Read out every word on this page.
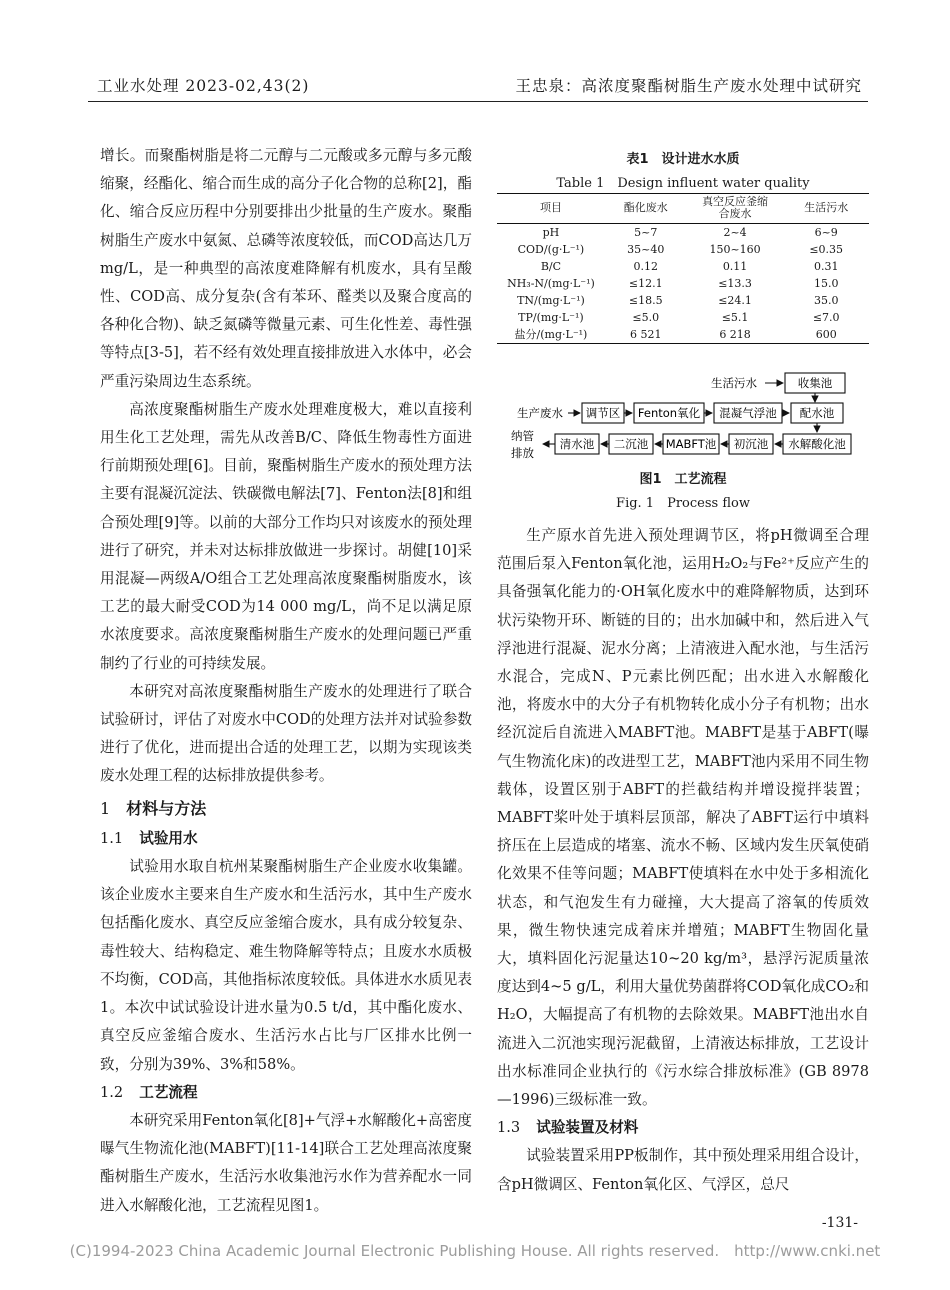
工业水处理 2023-02,43(2)	王忠泉：高浓度聚酯树脂生产废水处理中试研究

增长。而聚酯树脂是将二元醇与二元酸或多元醇与多元酸缩聚，经酯化、缩合而生成的高分子化合物的总称[2]，酯化、缩合反应历程中分别要排出少批量的生产废水。聚酯树脂生产废水中氨氮、总磷等浓度较低，而COD高达几万 mg/L，是一种典型的高浓度难降解有机废水，具有呈酸性、COD高、成分复杂(含有苯环、醛类以及聚合度高的各种化合物)、缺乏氮磷等微量元素、可生化性差、毒性强等特点[3-5]，若不经有效处理直接排放进入水体中，必会严重污染周边生态系统。

高浓度聚酯树脂生产废水处理难度极大，难以直接利用生化工艺处理，需先从改善B/C、降低生物毒性方面进行前期预处理[6]。目前，聚酯树脂生产废水的预处理方法主要有混凝沉淀法、铁碳微电解法[7]、Fenton法[8]和组合预处理[9]等。以前的大部分工作均只对该废水的预处理进行了研究，并未对达标排放做进一步探讨。胡健[10]采用混凝—两级A/O组合工艺处理高浓度聚酯树脂废水，该工艺的最大耐受COD为14 000 mg/L，尚不足以满足原水浓度要求。高浓度聚酯树脂生产废水的处理问题已严重制约了行业的可持续发展。

本研究对高浓度聚酯树脂生产废水的处理进行了联合试验研讨，评估了对废水中COD的处理方法并对试验参数进行了优化，进而提出合适的处理工艺，以期为实现该类废水处理工程的达标排放提供参考。

1 材料与方法
1.1 试验用水

试验用水取自杭州某聚酯树脂生产企业废水收集罐。该企业废水主要来自生产废水和生活污水，其中生产废水包括酯化废水、真空反应釜缩合废水，具有成分较复杂、毒性较大、结构稳定、难生物降解等特点；且废水水质极不均衡，COD高，其他指标浓度较低。具体进水水质见表1。本次中试试验设计进水量为0.5 t/d，其中酯化废水、真空反应釜缩合废水、生活污水占比与厂区排水比例一致，分别为39%、3%和58%。

1.2 工艺流程

本研究采用Fenton氧化[8]+气浮+水解酸化+高密度曝气生物流化池(MABFT)[11-14]联合工艺处理高浓度聚酯树脂生产废水，生活污水收集池污水作为营养配水一同进入水解酸化池，工艺流程见图1。

表1　 设计进水水质
Table 1　Design influent water quality
项目	酯化废水	真空反应釜缩合废水	生活污水
pH	5~7	2~4	6~9
COD/(g·L⁻¹)	35~40	150~160	≤0.35
B/C	0.12	0.11	0.31
NH₃-N/(mg·L⁻¹)	≤12.1	≤13.3	15.0
TN/(mg·L⁻¹)	≤18.5	≤24.1	35.0
TP/(mg·L⁻¹)	≤5.0	≤5.1	≤7.0
盐分/(mg·L⁻¹)	6 521	6 218	600
生活污水	收集池
生产废水 调节区 Fenton氧化 混凝气浮池 配水池
水解酸化池
初沉池
MABFT池
二沉池
清水池
纳管
排放
图1　 工艺流程
Fig. 1　Process flow

生产原水首先进入预处理调节区，将pH微调至合理范围后泵入Fenton氧化池，运用H₂O₂与Fe²⁺反应产生的具备强氧化能力的·OH氧化废水中的难降解物质，达到环状污染物开环、断链的目的；出水加碱中和，然后进入气浮池进行混凝、泥水分离；上清液进入配水池，与生活污水混合，完成N、P元素比例匹配；出水进入水解酸化池，将废水中的大分子有机物转化成小分子有机物；出水经沉淀后自流进入MABFT池。MABFT是基于ABFT(曝气生物流化床)的改进型工艺，MABFT池内采用不同生物载体，设置区别于ABFT的拦截结构并增设搅拌装置；MABFT桨叶处于填料层顶部，解决了ABFT运行中填料挤压在上层造成的堵塞、流水不畅、区域内发生厌氧使硝化效果不佳等问题；MABFT使填料在水中处于多相流化状态，和气泡发生有力碰撞，大大提高了溶氧的传质效果，微生物快速完成着床并增殖；MABFT生物固化量大，填料固化污泥量达10~20 kg/m³，悬浮污泥质量浓度达到4~5 g/L，利用大量优势菌群将COD氧化成CO₂和H₂O，大幅提高了有机物的去除效果。MABFT池出水自流进入二沉池实现污泥截留，上清液达标排放，工艺设计出水标准同企业执行的《污水综合排放标准》(GB 8978—1996)三级标准一致。

1.3 试验装置及材料

试验装置采用PP板制作，其中预处理采用组合设计，含pH微调区、Fenton氧化区、气浮区，总尺

-131-
(C)1994-2023 China Academic Journal Electronic Publishing House. All rights reserved.　http://www.cnki.net
